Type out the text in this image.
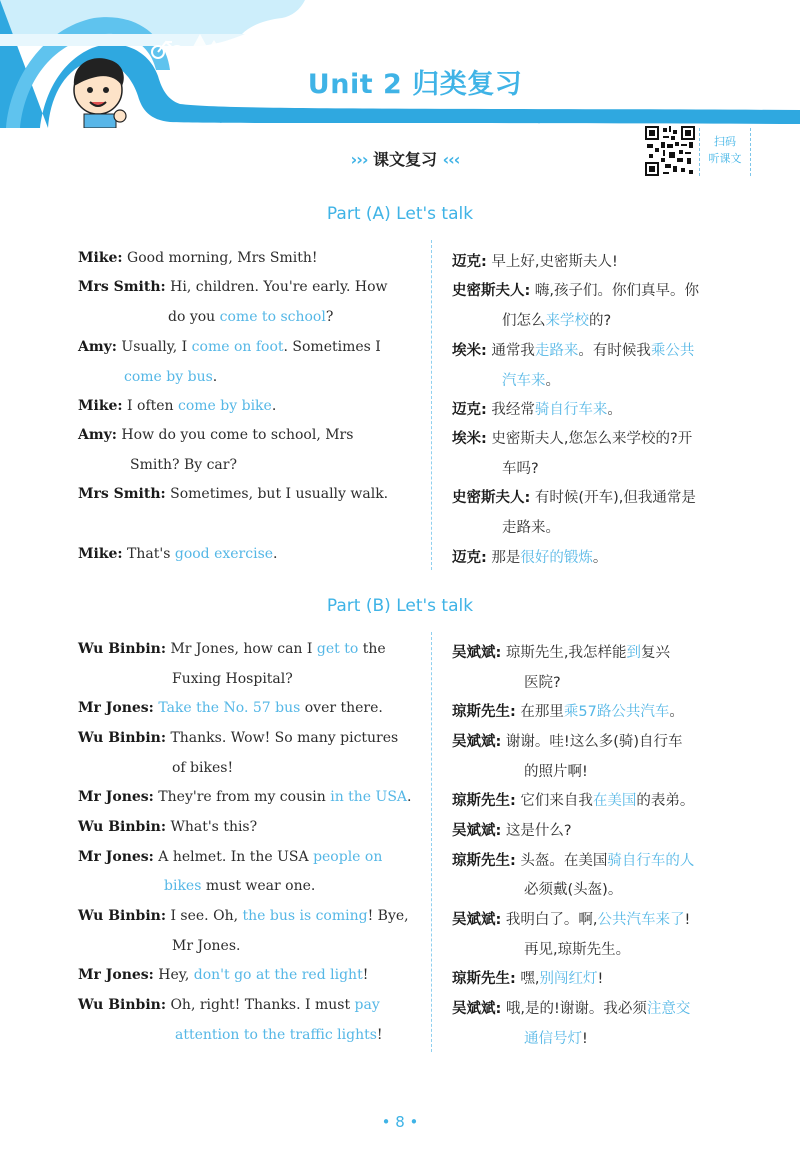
Unit 2 归类复习
扫码
听课文
››› 课文复习 ‹‹‹
Part (A) Let's talk
Mike: Good morning, Mrs Smith!
Mrs Smith: Hi, children. You're early. How
do you come to school?
Amy: Usually, I come on foot. Sometimes I
come by bus.
Mike: I often come by bike.
Amy: How do you come to school, Mrs
Smith? By car?
Mrs Smith: Sometimes, but I usually walk.
Mike: That's good exercise.
迈克: 早上好,史密斯夫人!
史密斯夫人: 嗨,孩子们。你们真早。你
们怎么来学校的?
埃米: 通常我走路来。有时候我乘公共
汽车来。
迈克: 我经常骑自行车来。
埃米: 史密斯夫人,您怎么来学校的?开
车吗?
史密斯夫人: 有时候(开车),但我通常是
走路来。
迈克: 那是很好的锻炼。
Part (B) Let's talk
Wu Binbin: Mr Jones, how can I get to the
Fuxing Hospital?
Mr Jones: Take the No. 57 bus over there.
Wu Binbin: Thanks. Wow! So many pictures
of bikes!
Mr Jones: They're from my cousin in the USA.
Wu Binbin: What's this?
Mr Jones: A helmet. In the USA people on
bikes must wear one.
Wu Binbin: I see. Oh, the bus is coming! Bye,
Mr Jones.
Mr Jones: Hey, don't go at the red light!
Wu Binbin: Oh, right! Thanks. I must pay
attention to the traffic lights!
吴斌斌: 琼斯先生,我怎样能到复兴
医院?
琼斯先生: 在那里乘57路公共汽车。
吴斌斌: 谢谢。哇!这么多(骑)自行车
的照片啊!
琼斯先生: 它们来自我在美国的表弟。
吴斌斌: 这是什么?
琼斯先生: 头盔。在美国骑自行车的人
必须戴(头盔)。
吴斌斌: 我明白了。啊,公共汽车来了!
再见,琼斯先生。
琼斯先生: 嘿,别闯红灯!
吴斌斌: 哦,是的!谢谢。我必须注意交
通信号灯!
• 8 •
